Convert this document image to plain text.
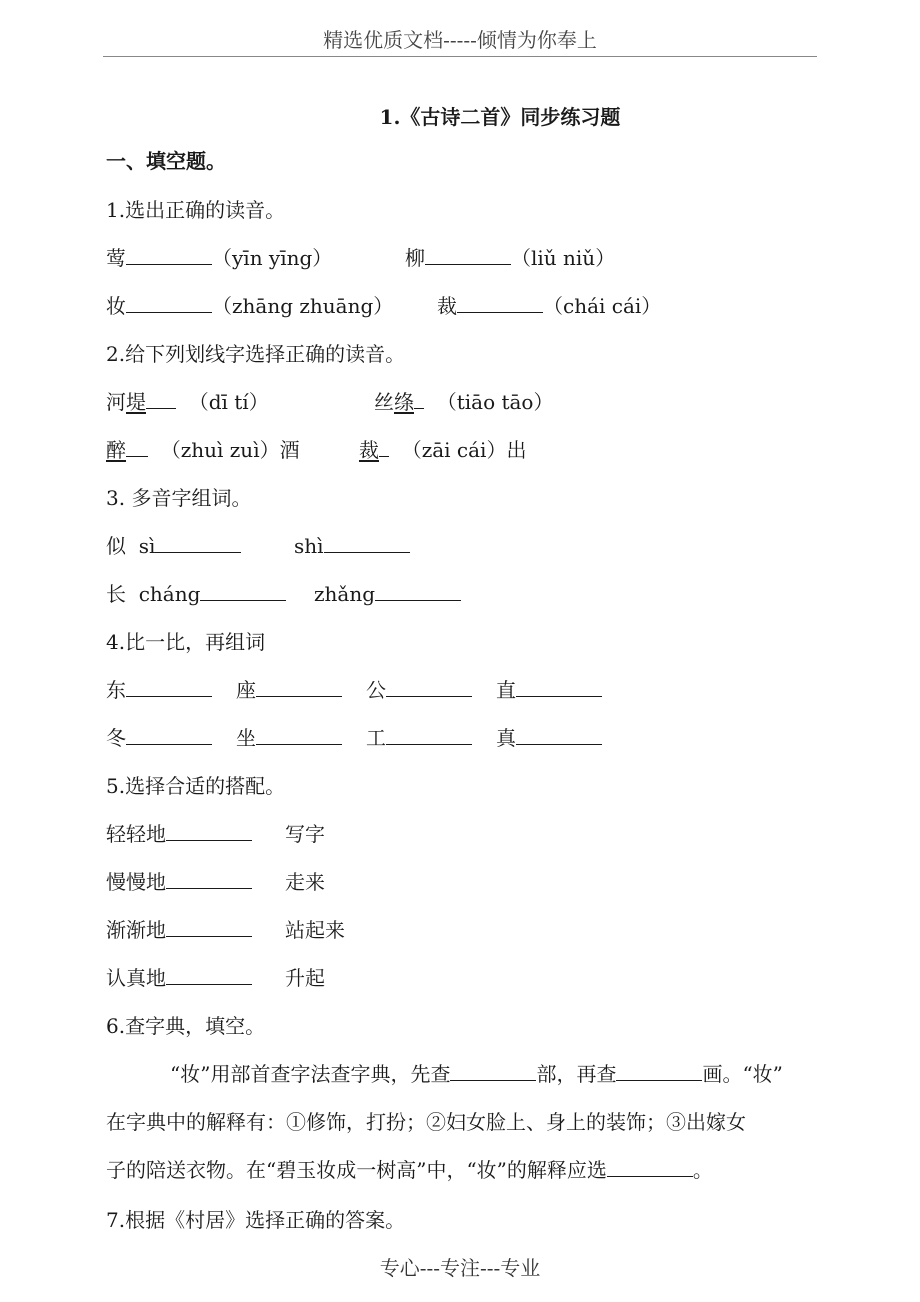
精选优质文档-----倾情为你奉上
1.《古诗二首》同步练习题
一、填空题。
1.选出正确的读音。
莺	（yīn yīng）	柳	（liǔ niǔ）
妆	（zhāng zhuāng） 裁	（chái cái）
2.给下列划线字选择正确的读音。
河堤 （dī tí）	丝绦 （tiāo tāo）
醉 （zhuì zuì）酒	裁 （zāi cái）出
3. 多音字组词。
似 sì	shì
长 cháng	zhǎng
4.比一比，再组词
东	座	公	直
冬	坐	工	真
5.选择合适的搭配。
轻轻地	写字
慢慢地	走来
渐渐地	站起来
认真地	升起
6.查字典，填空。
“妆”用部首查字法查字典，先查	部，再查	画。“妆”
在字典中的解释有：①修饰，打扮；②妇女脸上、身上的装饰；③出嫁女
子的陪送衣物。在“碧玉妆成一树高”中，“妆”的解释应选	。
7.根据《村居》选择正确的答案。
专心---专注---专业
